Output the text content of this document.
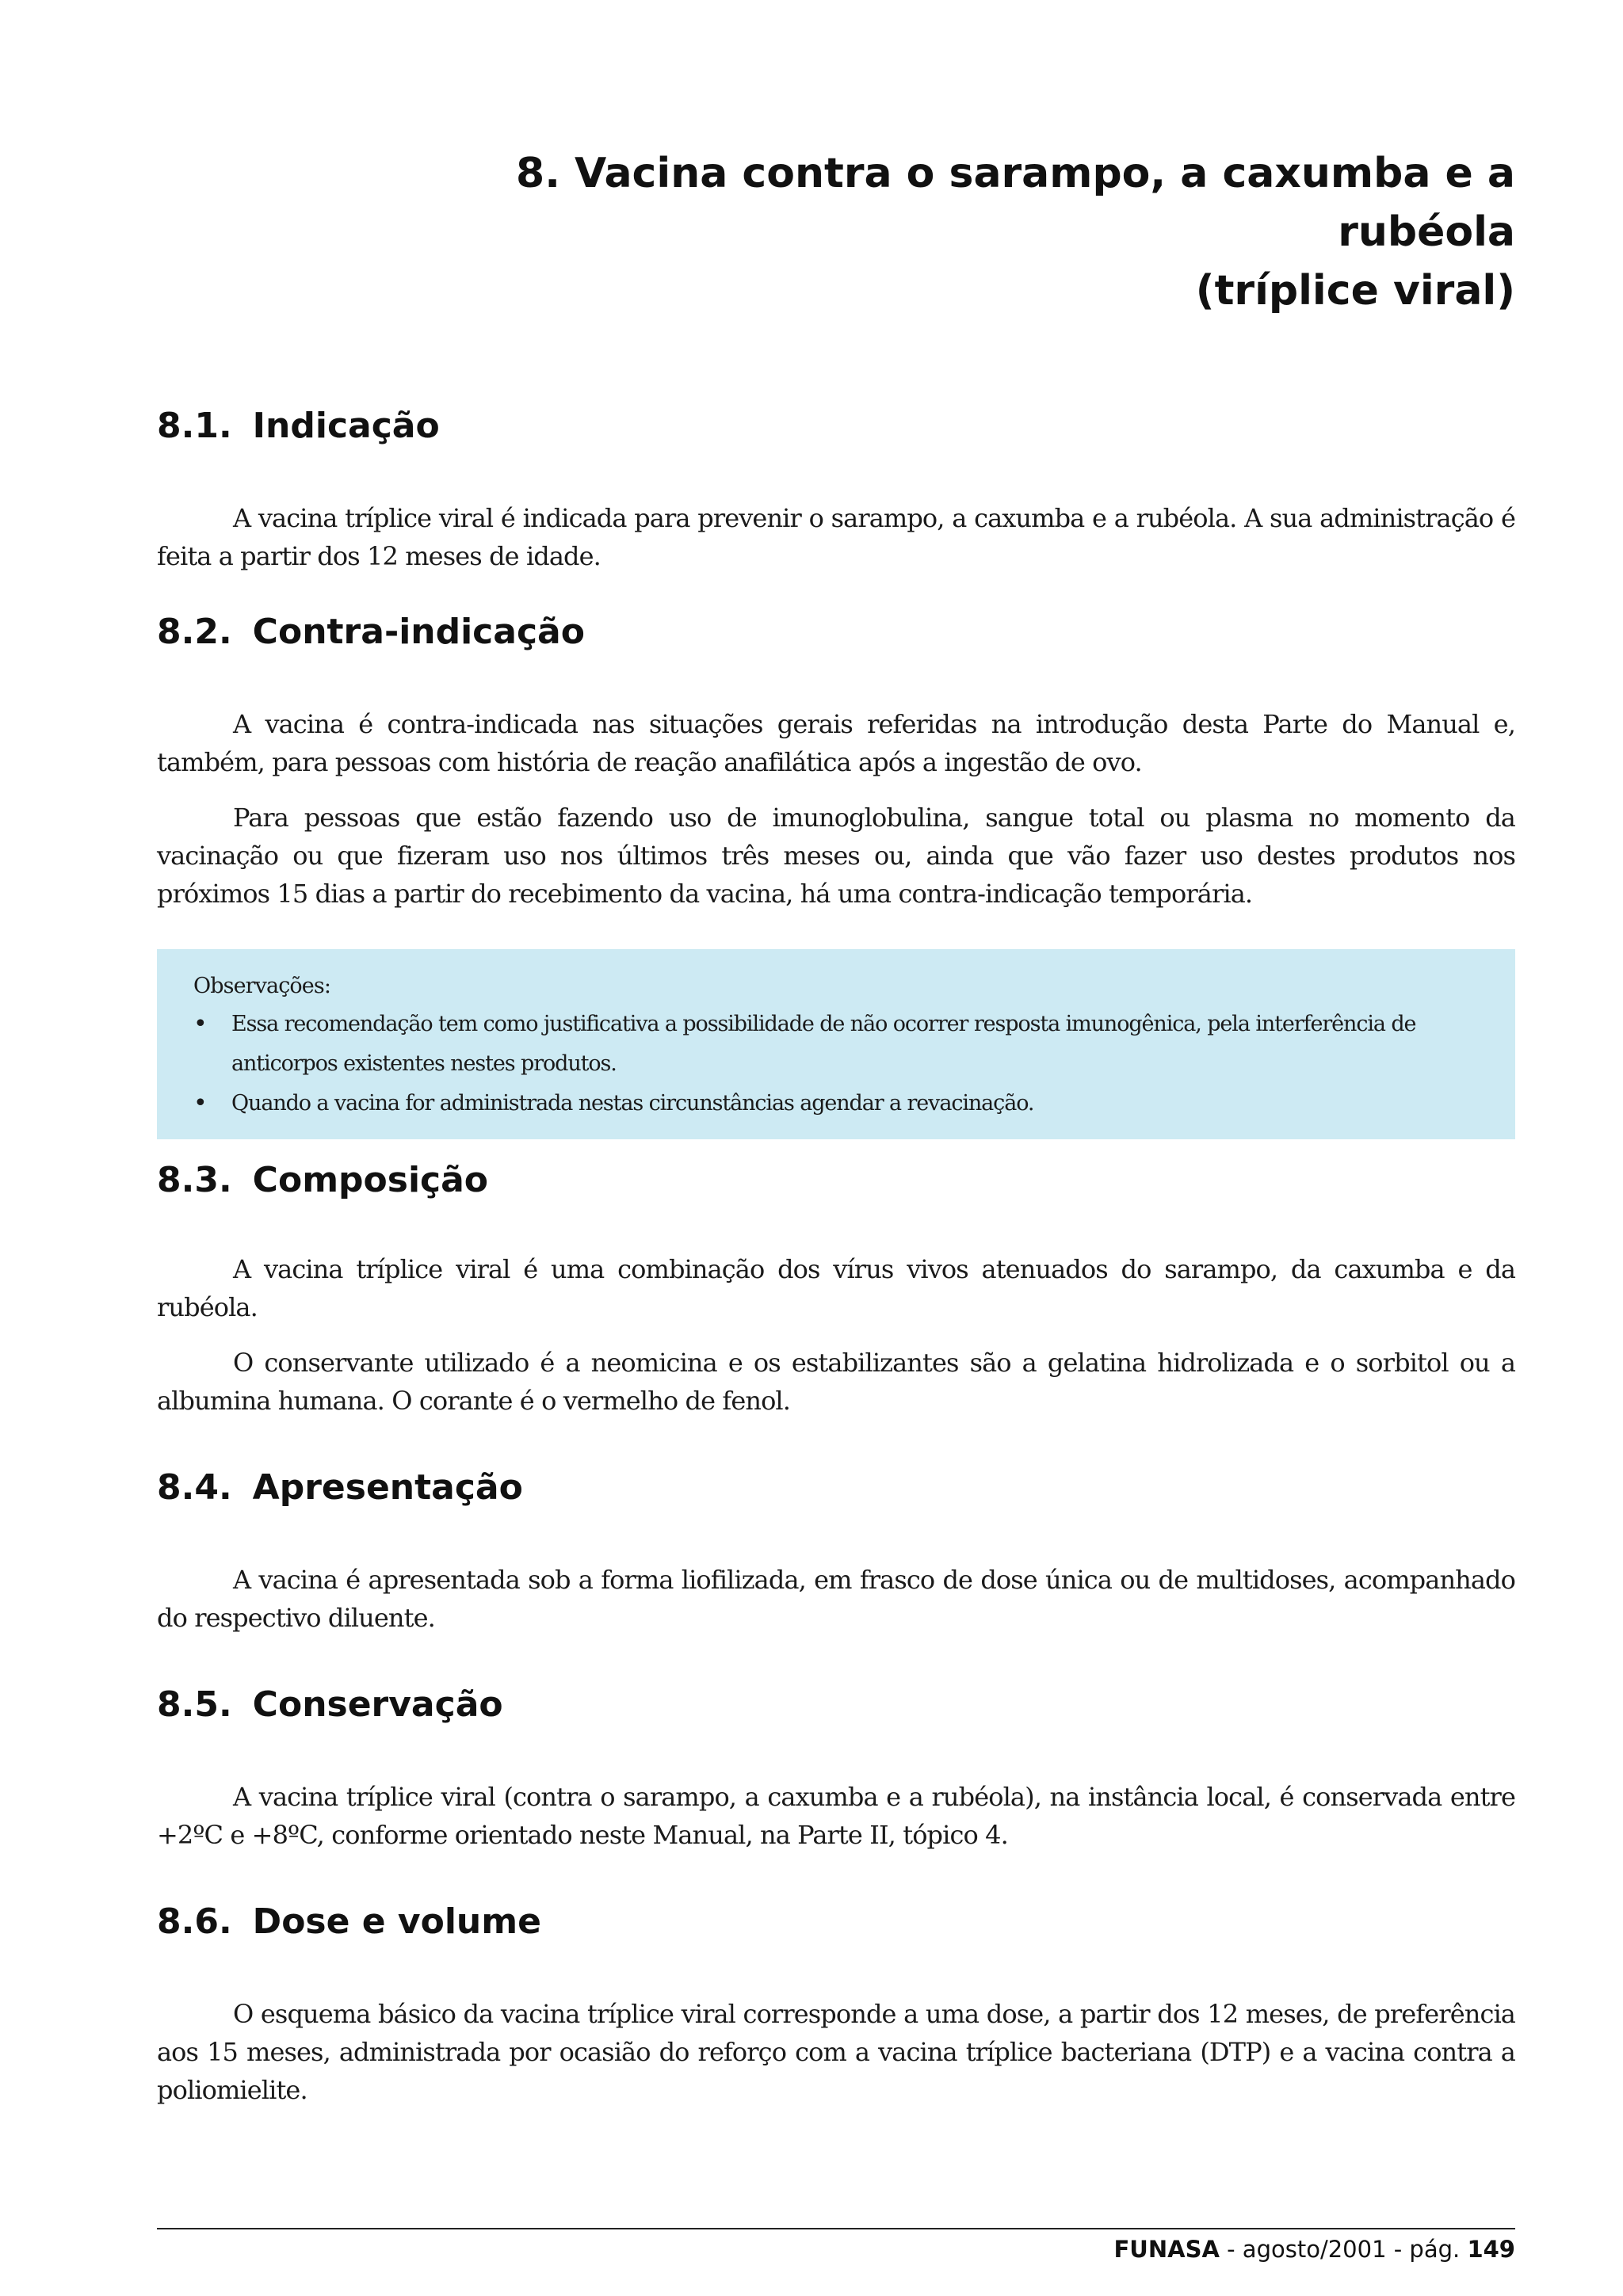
8. Vacina contra o sarampo, a caxumba e a rubéola
(tríplice viral)
8.1. Indicação

A vacina tríplice viral é indicada para prevenir o sarampo, a caxumba e a rubéola. A sua administração é feita a partir dos 12 meses de idade.

8.2. Contra-indicação

A vacina é contra-indicada nas situações gerais referidas na introdução desta Parte do Manual e, também, para pessoas com história de reação anafilática após a ingestão de ovo.

Para pessoas que estão fazendo uso de imunoglobulina, sangue total ou plasma no momento da vacinação ou que fizeram uso nos últimos três meses ou, ainda que vão fazer uso destes produtos nos próximos 15 dias a partir do recebimento da vacina, há uma contra-indicação temporária.

Observações:

• Essa recomendação tem como justificativa a possibilidade de não ocorrer resposta imunogênica, pela interferência de anticorpos existentes nestes produtos.
• Quando a vacina for administrada nestas circunstâncias agendar a revacinação.
8.3. Composição

A vacina tríplice viral é uma combinação dos vírus vivos atenuados do sarampo, da caxumba e da rubéola.

O conservante utilizado é a neomicina e os estabilizantes são a gelatina hidrolizada e o sorbitol ou a albumina humana. O corante é o vermelho de fenol.

8.4. Apresentação

A vacina é apresentada sob a forma liofilizada, em frasco de dose única ou de multidoses, acompanhado do respectivo diluente.

8.5. Conservação

A vacina tríplice viral (contra o sarampo, a caxumba e a rubéola), na instância local, é conservada entre +2ºC e +8ºC, conforme orientado neste Manual, na Parte II, tópico 4.

8.6. Dose e volume

O esquema básico da vacina tríplice viral corresponde a uma dose, a partir dos 12 meses, de preferência aos 15 meses, administrada por ocasião do reforço com a vacina tríplice bacteriana (DTP) e a vacina contra a poliomielite.

FUNASA - agosto/2001 - pág. 149
